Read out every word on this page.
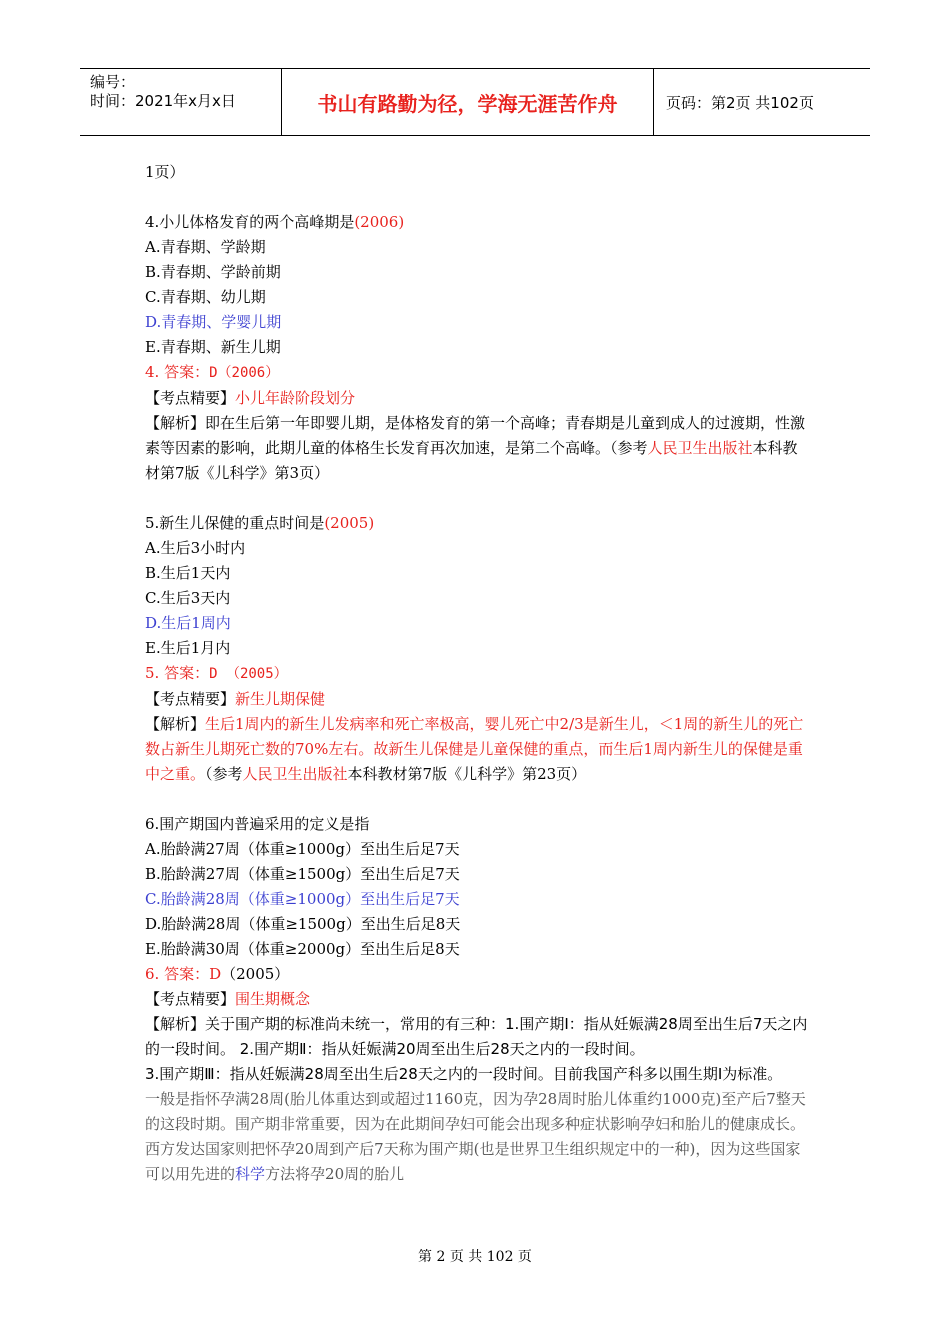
编号：
时间：2021年x月x日	书山有路勤为径，学海无涯苦作舟	页码：第2页 共102页

1页）

4.小儿体格发育的两个高峰期是(2006)

A.青春期、学龄期

B.青春期、学龄前期

C.青春期、幼儿期

D.青春期、学婴儿期

E.青春期、新生儿期

4. 答案：D（2006）

【考点精要】小儿年龄阶段划分

【解析】即在生后第一年即婴儿期，是体格发育的第一个高峰；青春期是儿童到成人的过渡期，性激素等因素的影响，此期儿童的体格生长发育再次加速，是第二个高峰。（参考人民卫生出版社本科教材第7版《儿科学》第3页）

5.新生儿保健的重点时间是(2005)

A.生后3小时内

B.生后1天内

C.生后3天内

D.生后1周内

E.生后1月内

5. 答案：D （2005）

【考点精要】新生儿期保健

【解析】生后1周内的新生儿发病率和死亡率极高，婴儿死亡中2/3是新生儿，＜1周的新生儿的死亡数占新生儿期死亡数的70%左右。故新生儿保健是儿童保健的重点，而生后1周内新生儿的保健是重中之重。（参考人民卫生出版社本科教材第7版《儿科学》第23页）

6.围产期国内普遍采用的定义是指

A.胎龄满27周（体重≥1000g）至出生后足7天

B.胎龄满27周（体重≥1500g）至出生后足7天

C.胎龄满28周（体重≥1000g）至出生后足7天

D.胎龄满28周（体重≥1500g）至出生后足8天

E.胎龄满30周（体重≥2000g）至出生后足8天

6. 答案：D（2005）

【考点精要】围生期概念

【解析】关于围产期的标准尚未统一，常用的有三种：1.围产期Ⅰ：指从妊娠满28周至出生后7天之内的一段时间。 2.围产期Ⅱ：指从妊娠满20周至出生后28天之内的一段时间。

3.围产期Ⅲ：指从妊娠满28周至出生后28天之内的一段时间。目前我国产科多以围生期Ⅰ为标准。

一般是指怀孕满28周(胎儿体重达到或超过1160克，因为孕28周时胎儿体重约1000克)至产后7整天的这段时期。围产期非常重要，因为在此期间孕妇可能会出现多种症状影响孕妇和胎儿的健康成长。西方发达国家则把怀孕20周到产后7天称为围产期(也是世界卫生组织规定中的一种)，因为这些国家可以用先进的科学方法将孕20周的胎儿

第 2 页 共 102 页
